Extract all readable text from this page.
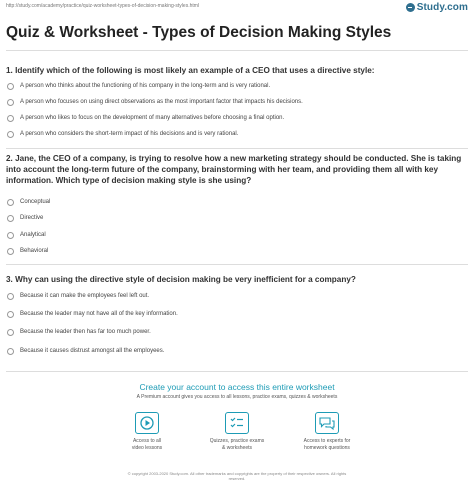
http://study.com/academy/practice/quiz-worksheet-types-of-decision-making-styles.html	Study.com
Quiz & Worksheet - Types of Decision Making Styles

1. Identify which of the following is most likely an example of a CEO that uses a directive style:

A person who thinks about the functioning of his company in the long-term and is very rational.
A person who focuses on using direct observations as the most important factor that impacts his decisions.
A person who likes to focus on the development of many alternatives before choosing a final option.
A person who considers the short-term impact of his decisions and is very rational.

2. Jane, the CEO of a company, is trying to resolve how a new marketing strategy should be conducted. She is taking into account the long-term future of the company, brainstorming with her team, and providing them all with key information. Which type of decision making style is she using?

Conceptual
Directive
Analytical
Behavioral

3. Why can using the directive style of decision making be very inefficient for a company?

Because it can make the employees feel left out.
Because the leader may not have all of the key information.
Because the leader then has far too much power.
Because it causes distrust amongst all the employees.
Create your account to access this entire worksheet
A Premium account gives you access to all lessons, practice exams, quizzes & worksheets
Access to all
video lessons
Quizzes, practice exams
& worksheets
Access to experts for
homework questions
© copyright 2003-2020 Study.com. All other trademarks and copyrights are the property of their respective owners. All rights
reserved.
